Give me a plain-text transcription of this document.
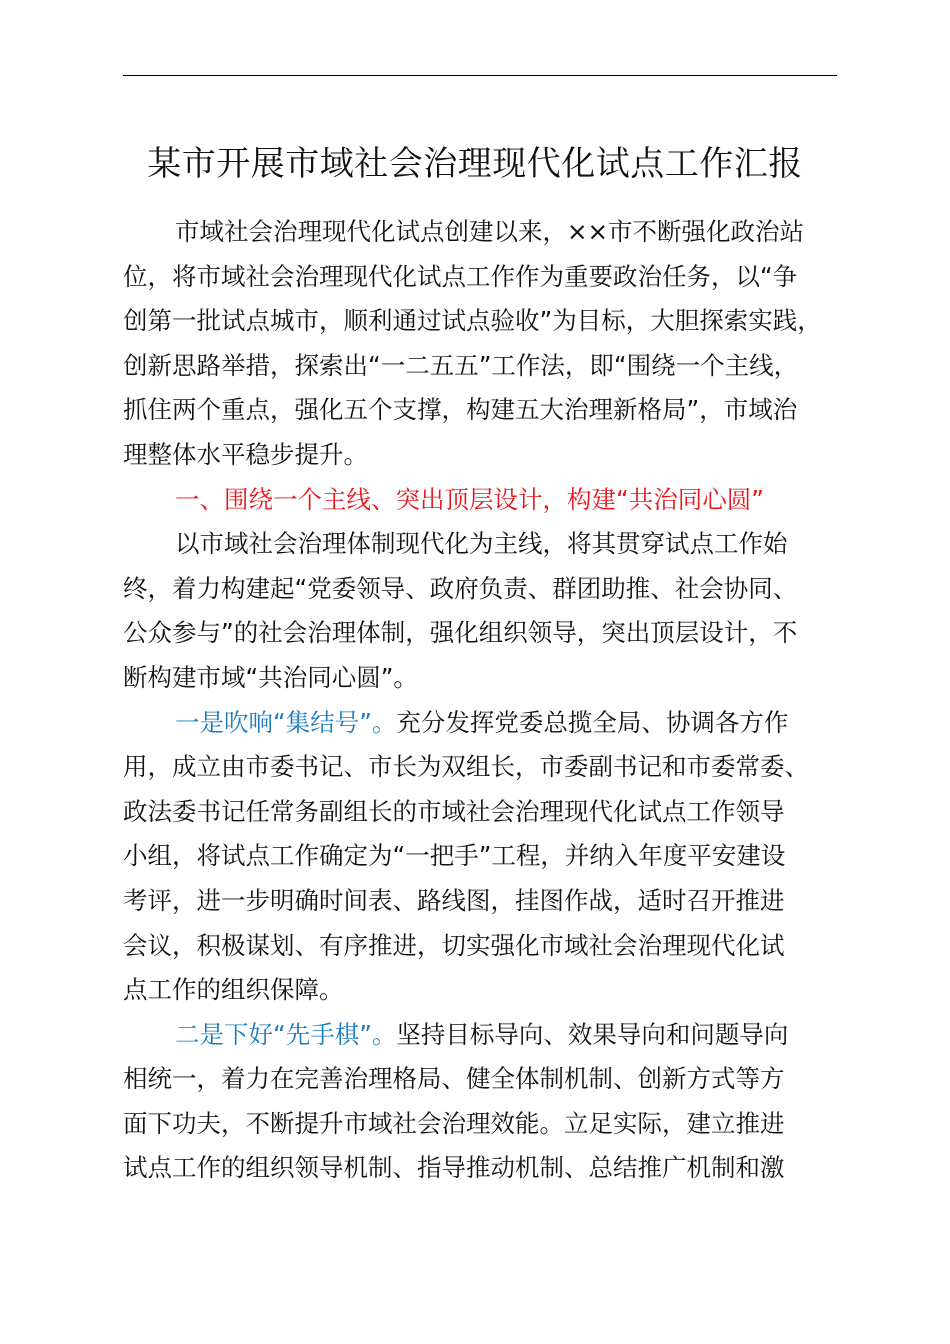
某市开展市域社会治理现代化试点工作汇报
市域社会治理现代化试点创建以来，××市不断强化政治站
位，将市域社会治理现代化试点工作作为重要政治任务，以“争
创第一批试点城市，顺利通过试点验收”为目标，大胆探索实践，
创新思路举措，探索出“一二五五”工作法，即“围绕一个主线，
抓住两个重点，强化五个支撑，构建五大治理新格局”，市域治
理整体水平稳步提升。
一、围绕一个主线、突出顶层设计，构建“共治同心圆”
以市域社会治理体制现代化为主线，将其贯穿试点工作始
终，着力构建起“党委领导、政府负责、群团助推、社会协同、
公众参与”的社会治理体制，强化组织领导，突出顶层设计，不
断构建市域“共治同心圆”。
一是吹响“集结号”。充分发挥党委总揽全局、协调各方作
用，成立由市委书记、市长为双组长，市委副书记和市委常委、
政法委书记任常务副组长的市域社会治理现代化试点工作领导
小组，将试点工作确定为“一把手”工程，并纳入年度平安建设
考评，进一步明确时间表、路线图，挂图作战，适时召开推进
会议，积极谋划、有序推进，切实强化市域社会治理现代化试
点工作的组织保障。
二是下好“先手棋”。坚持目标导向、效果导向和问题导向
相统一，着力在完善治理格局、健全体制机制、创新方式等方
面下功夫，不断提升市域社会治理效能。立足实际，建立推进
试点工作的组织领导机制、指导推动机制、总结推广机制和激
